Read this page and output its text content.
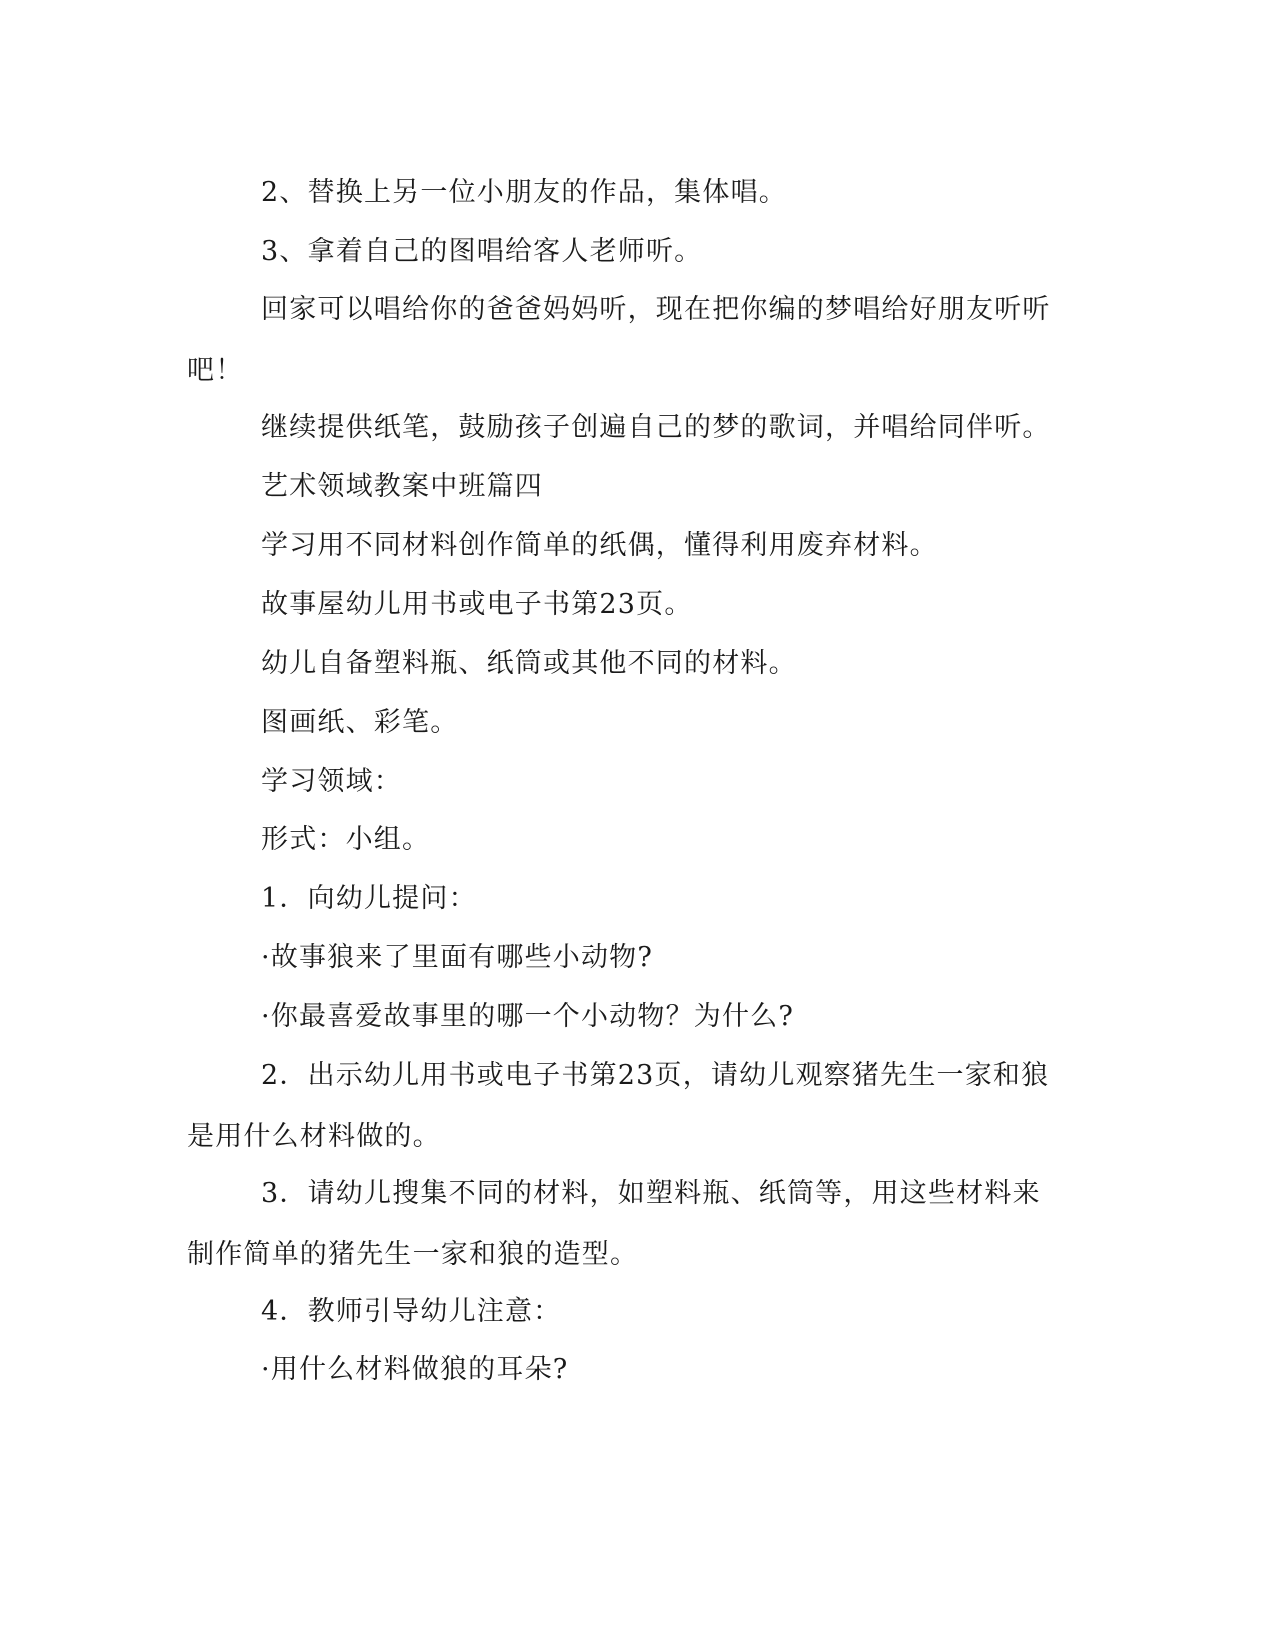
2、替换上另一位小朋友的作品，集体唱。

3、拿着自己的图唱给客人老师听。

回家可以唱给你的爸爸妈妈听，现在把你编的梦唱给好朋友听听吧！

继续提供纸笔，鼓励孩子创遍自己的梦的歌词，并唱给同伴听。

艺术领域教案中班篇四

学习用不同材料创作简单的纸偶，懂得利用废弃材料。

故事屋幼儿用书或电子书第23页。

幼儿自备塑料瓶、纸筒或其他不同的材料。

图画纸、彩笔。

学习领域：

形式：小组。

1．向幼儿提问：

·故事狼来了里面有哪些小动物?

·你最喜爱故事里的哪一个小动物？为什么?

2．出示幼儿用书或电子书第23页，请幼儿观察猪先生一家和狼是用什么材料做的。

3．请幼儿搜集不同的材料，如塑料瓶、纸筒等，用这些材料来制作简单的猪先生一家和狼的造型。

4．教师引导幼儿注意：

·用什么材料做狼的耳朵?
